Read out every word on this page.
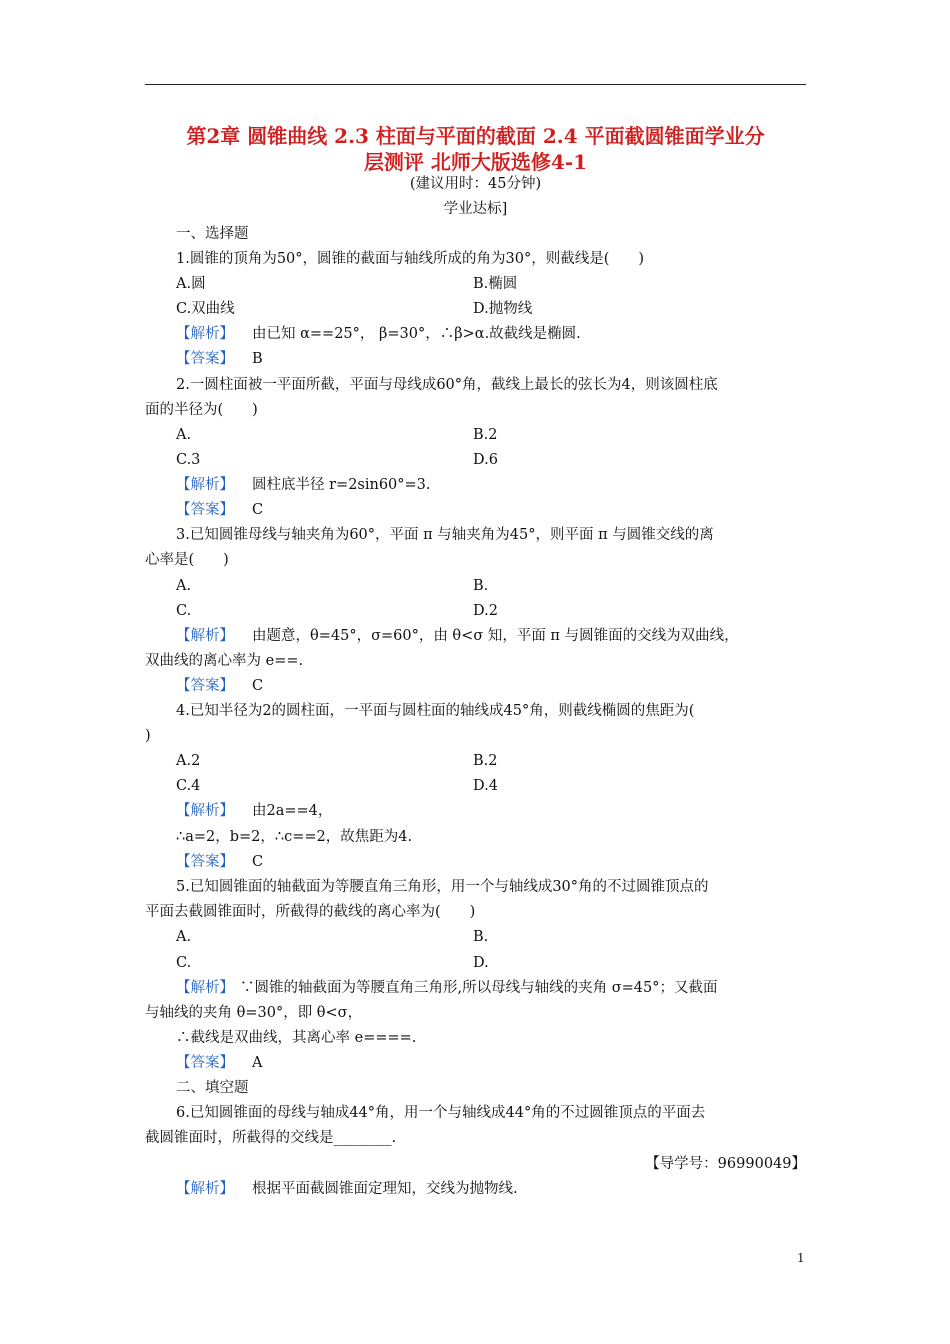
第2章 圆锥曲线 2.3 柱面与平面的截面 2.4 平面截圆锥面学业分
层测评 北师大版选修4-1
(建议用时：45分钟)
学业达标]
一、选择题
1.圆锥的顶角为50°，圆锥的截面与轴线所成的角为30°，则截线是(　　)
A.圆	B.椭圆
C.双曲线	D.抛物线
【解析】 由已知 α==25°， β=30°，∴β>α.故截线是椭圆.
【答案】 B
2.一圆柱面被一平面所截，平面与母线成60°角，截线上最长的弦长为4，则该圆柱底
面的半径为(　　)
A.	B.2
C.3	D.6
【解析】 圆柱底半径 r=2sin60°=3.
【答案】 C
3.已知圆锥母线与轴夹角为60°，平面 π 与轴夹角为45°，则平面 π 与圆锥交线的离
心率是(　　)
A.	B.
C.	D.2
【解析】 由题意，θ=45°，σ=60°，由 θ<σ 知，平面 π 与圆锥面的交线为双曲线，
双曲线的离心率为 e==.
【答案】 C
4.已知半径为2的圆柱面，一平面与圆柱面的轴线成45°角，则截线椭圆的焦距为(
)
A.2	B.2
C.4	D.4
【解析】 由2a==4，
∴a=2，b=2，∴c==2，故焦距为4.
【答案】 C
5.已知圆锥面的轴截面为等腰直角三角形，用一个与轴线成30°角的不过圆锥顶点的
平面去截圆锥面时，所截得的截线的离心率为(　　)
A.	B.
C.	D.
【解析】 ∵圆锥的轴截面为等腰直角三角形,所以母线与轴线的夹角 σ=45°；又截面
与轴线的夹角 θ=30°，即 θ<σ，
∴截线是双曲线，其离心率 e====.
【答案】 A
二、填空题
6.已知圆锥面的母线与轴成44°角，用一个与轴线成44°角的不过圆锥顶点的平面去
截圆锥面时，所截得的交线是________.
【导学号：96990049】
【解析】 根据平面截圆锥面定理知，交线为抛物线.
1
